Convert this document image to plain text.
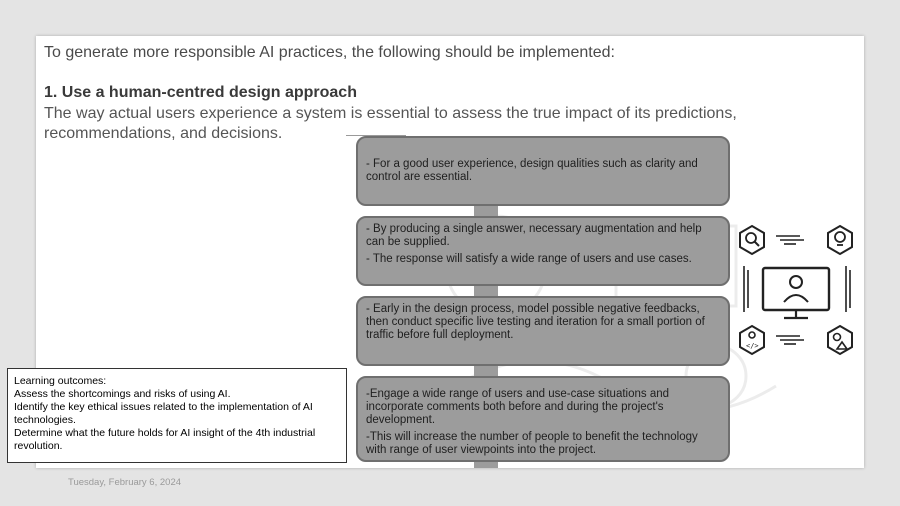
To generate more responsible AI practices, the following should be implemented:
1. Use a human-centred design approach

The way actual users experience a system is essential to assess the true impact of its predictions, recommendations, and decisions.

- For a good user experience, design qualities such as clarity and control are essential.

- By producing a single answer, necessary augmentation and help can be supplied.

- The response will satisfy a wide range of users and use cases.

- Early in the design process, model possible negative feedbacks, then conduct specific live testing and iteration for a small portion of traffic before full deployment.

-Engage a wide range of users and use-case situations and incorporate comments both before and during the project's development.

-This will increase the number of people to benefit the technology with range of user viewpoints into the project.

</>
Learning outcomes:
Assess the shortcomings and risks of using AI.
Identify the key ethical issues related to the implementation of AI technologies.
Determine what the future holds for AI insight of the 4th industrial revolution.
Tuesday, February 6, 2024
